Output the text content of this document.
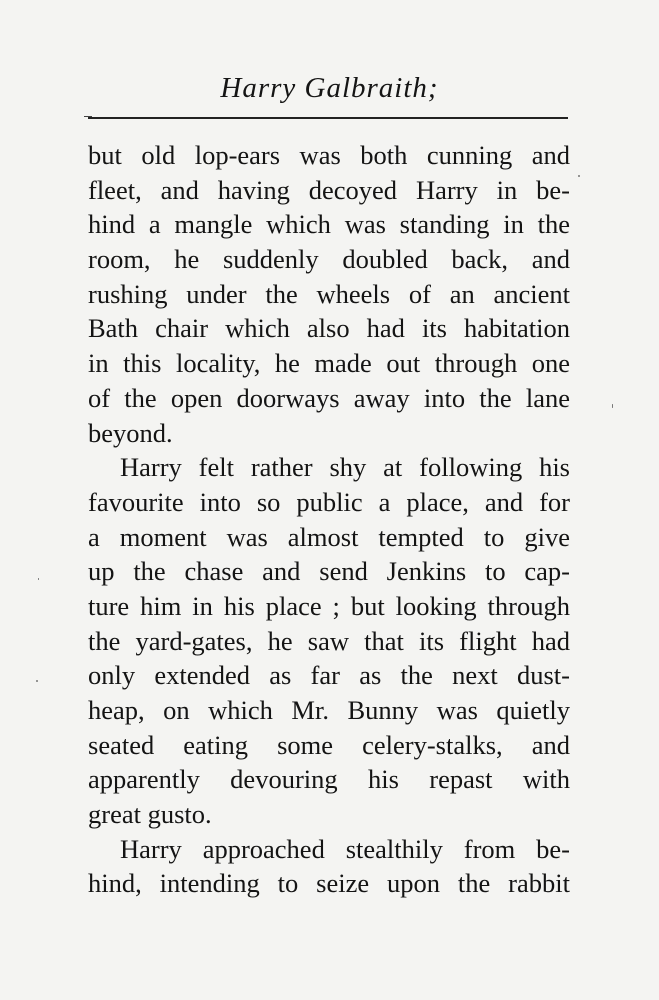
Harry Galbraith;
but old lop-ears was both cunning and
fleet, and having decoyed Harry in be-
hind a mangle which was standing in the
room, he suddenly doubled back, and
rushing under the wheels of an ancient
Bath chair which also had its habitation
in this locality, he made out through one
of the open doorways away into the lane
beyond.
Harry felt rather shy at following his
favourite into so public a place, and for
a moment was almost tempted to give
up the chase and send Jenkins to cap-
ture him in his place ; but looking through
the yard-gates, he saw that its flight had
only extended as far as the next dust-
heap, on which Mr. Bunny was quietly
seated eating some celery-stalks, and
apparently devouring his repast with
great gusto.
Harry approached stealthily from be-
hind, intending to seize upon the rabbit
